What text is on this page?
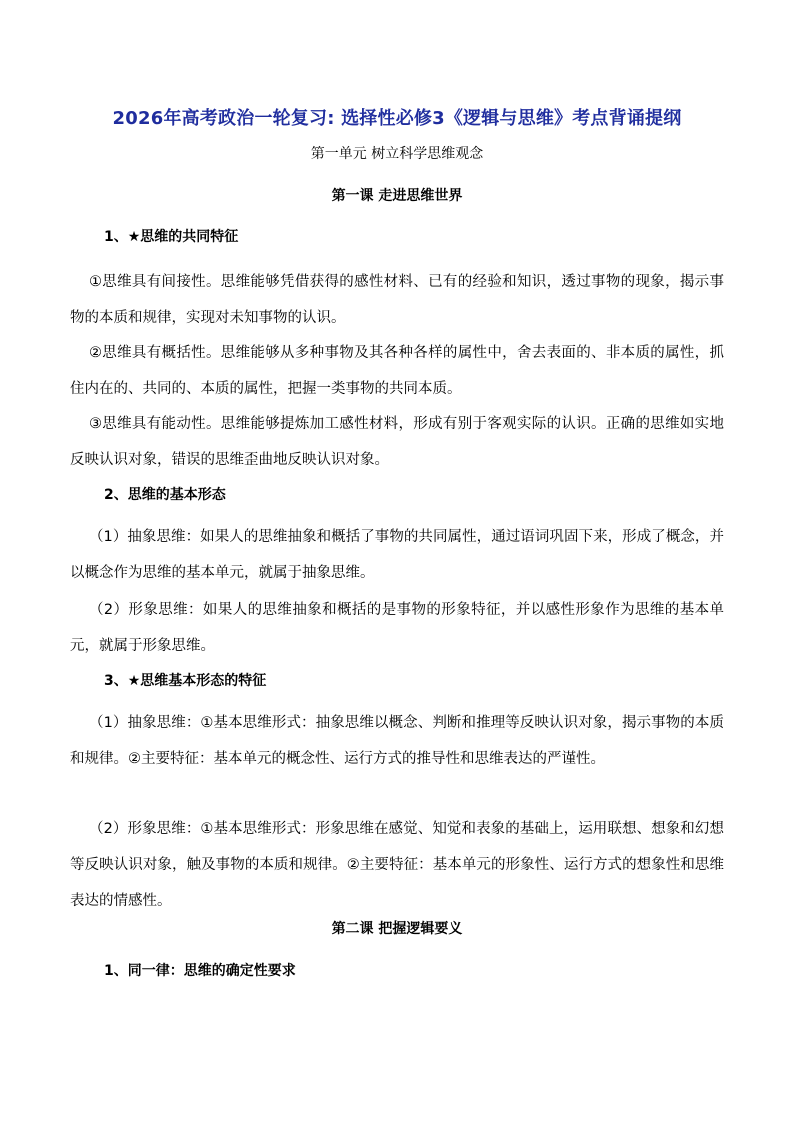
2026年高考政治一轮复习: 选择性必修3《逻辑与思维》考点背诵提纲

第一单元 树立科学思维观念

第一课 走进思维世界

1、★思维的共同特征

①思维具有间接性。思维能够凭借获得的感性材料、已有的经验和知识，透过事物的现象，揭示事物的本质和规律，实现对未知事物的认识。

②思维具有概括性。思维能够从多种事物及其各种各样的属性中，舍去表面的、非本质的属性，抓住内在的、共同的、本质的属性，把握一类事物的共同本质。

③思维具有能动性。思维能够提炼加工感性材料，形成有别于客观实际的认识。正确的思维如实地反映认识对象，错误的思维歪曲地反映认识对象。

2、思维的基本形态

（1）抽象思维：如果人的思维抽象和概括了事物的共同属性，通过语词巩固下来，形成了概念，并以概念作为思维的基本单元，就属于抽象思维。

（2）形象思维：如果人的思维抽象和概括的是事物的形象特征，并以感性形象作为思维的基本单元，就属于形象思维。

3、★思维基本形态的特征

（1）抽象思维：①基本思维形式：抽象思维以概念、判断和推理等反映认识对象，揭示事物的本质和规律。②主要特征：基本单元的概念性、运行方式的推导性和思维表达的严谨性。

（2）形象思维：①基本思维形式：形象思维在感觉、知觉和表象的基础上，运用联想、想象和幻想等反映认识对象，触及事物的本质和规律。②主要特征：基本单元的形象性、运行方式的想象性和思维表达的情感性。

第二课 把握逻辑要义

1、同一律：思维的确定性要求
